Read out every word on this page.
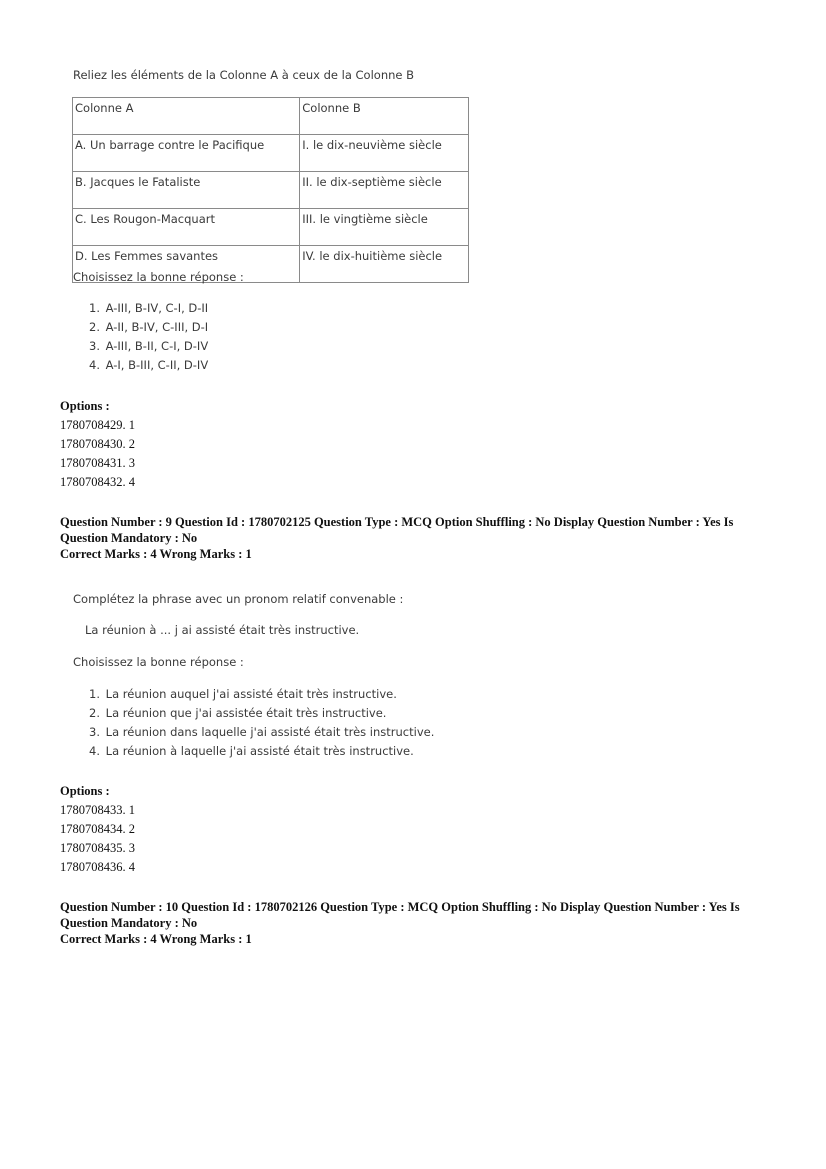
Reliez les éléments de la Colonne A à ceux de la Colonne B
Colonne A	Colonne B
A. Un barrage contre le Pacifique	I. le dix-neuvième siècle
B. Jacques le Fataliste	II. le dix-septième siècle
C. Les Rougon-Macquart	III. le vingtième siècle
D. Les Femmes savantes	IV. le dix-huitième siècle
Choisissez la bonne réponse :
1. A-III, B-IV, C-I, D-II
2. A-II, B-IV, C-III, D-I
3. A-III, B-II, C-I, D-IV
4. A-I, B-III, C-II, D-IV
Options :
1780708429. 1
1780708430. 2
1780708431. 3
1780708432. 4
Question Number : 9 Question Id : 1780702125 Question Type : MCQ Option Shuffling : No Display Question Number : Yes Is
Question Mandatory : No
Correct Marks : 4 Wrong Marks : 1
Complétez la phrase avec un pronom relatif convenable :
La réunion à ... j ai assisté était très instructive.
Choisissez la bonne réponse :
1. La réunion auquel j'ai assisté était très instructive.
2. La réunion que j'ai assistée était très instructive.
3. La réunion dans laquelle j'ai assisté était très instructive.
4. La réunion à laquelle j'ai assisté était très instructive.
Options :
1780708433. 1
1780708434. 2
1780708435. 3
1780708436. 4
Question Number : 10 Question Id : 1780702126 Question Type : MCQ Option Shuffling : No Display Question Number : Yes Is
Question Mandatory : No
Correct Marks : 4 Wrong Marks : 1
